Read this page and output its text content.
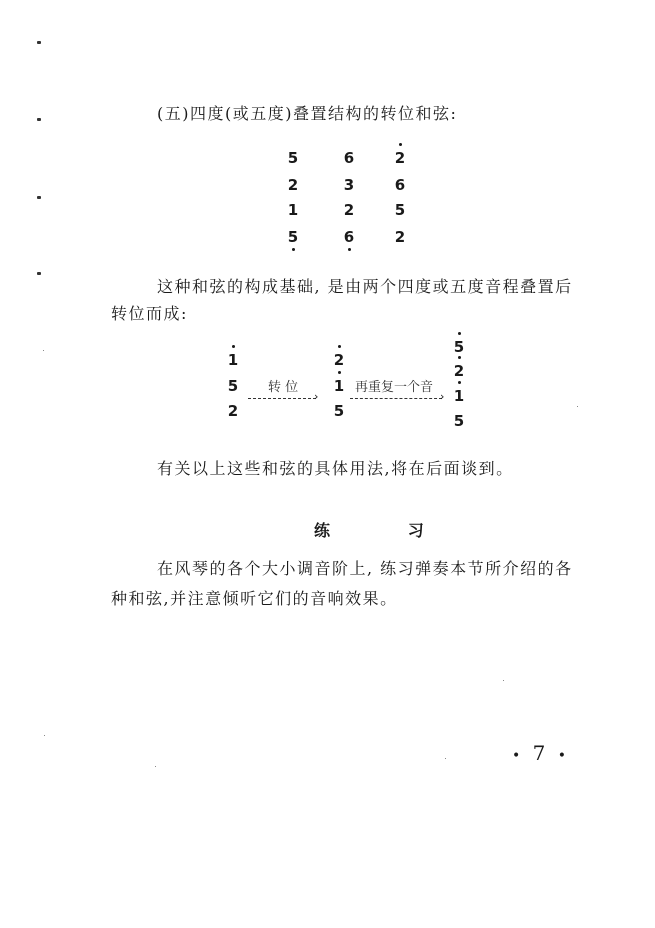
(五)四度(或五度)叠置结构的转位和弦:
5	6	2
2	3	6
1	2	5
5	6	2
这种和弦的构成基础, 是由两个四度或五度音程叠置后
转位而成:
›
转 位
›
再重复一个音
1
5
2
2
1
5
5
2
1
5
有关以上这些和弦的具体用法,将在后面谈到。
练          习
在风琴的各个大小调音阶上, 练习弹奏本节所介绍的各
种和弦,并注意倾听它们的音响效果。
• 7 •
